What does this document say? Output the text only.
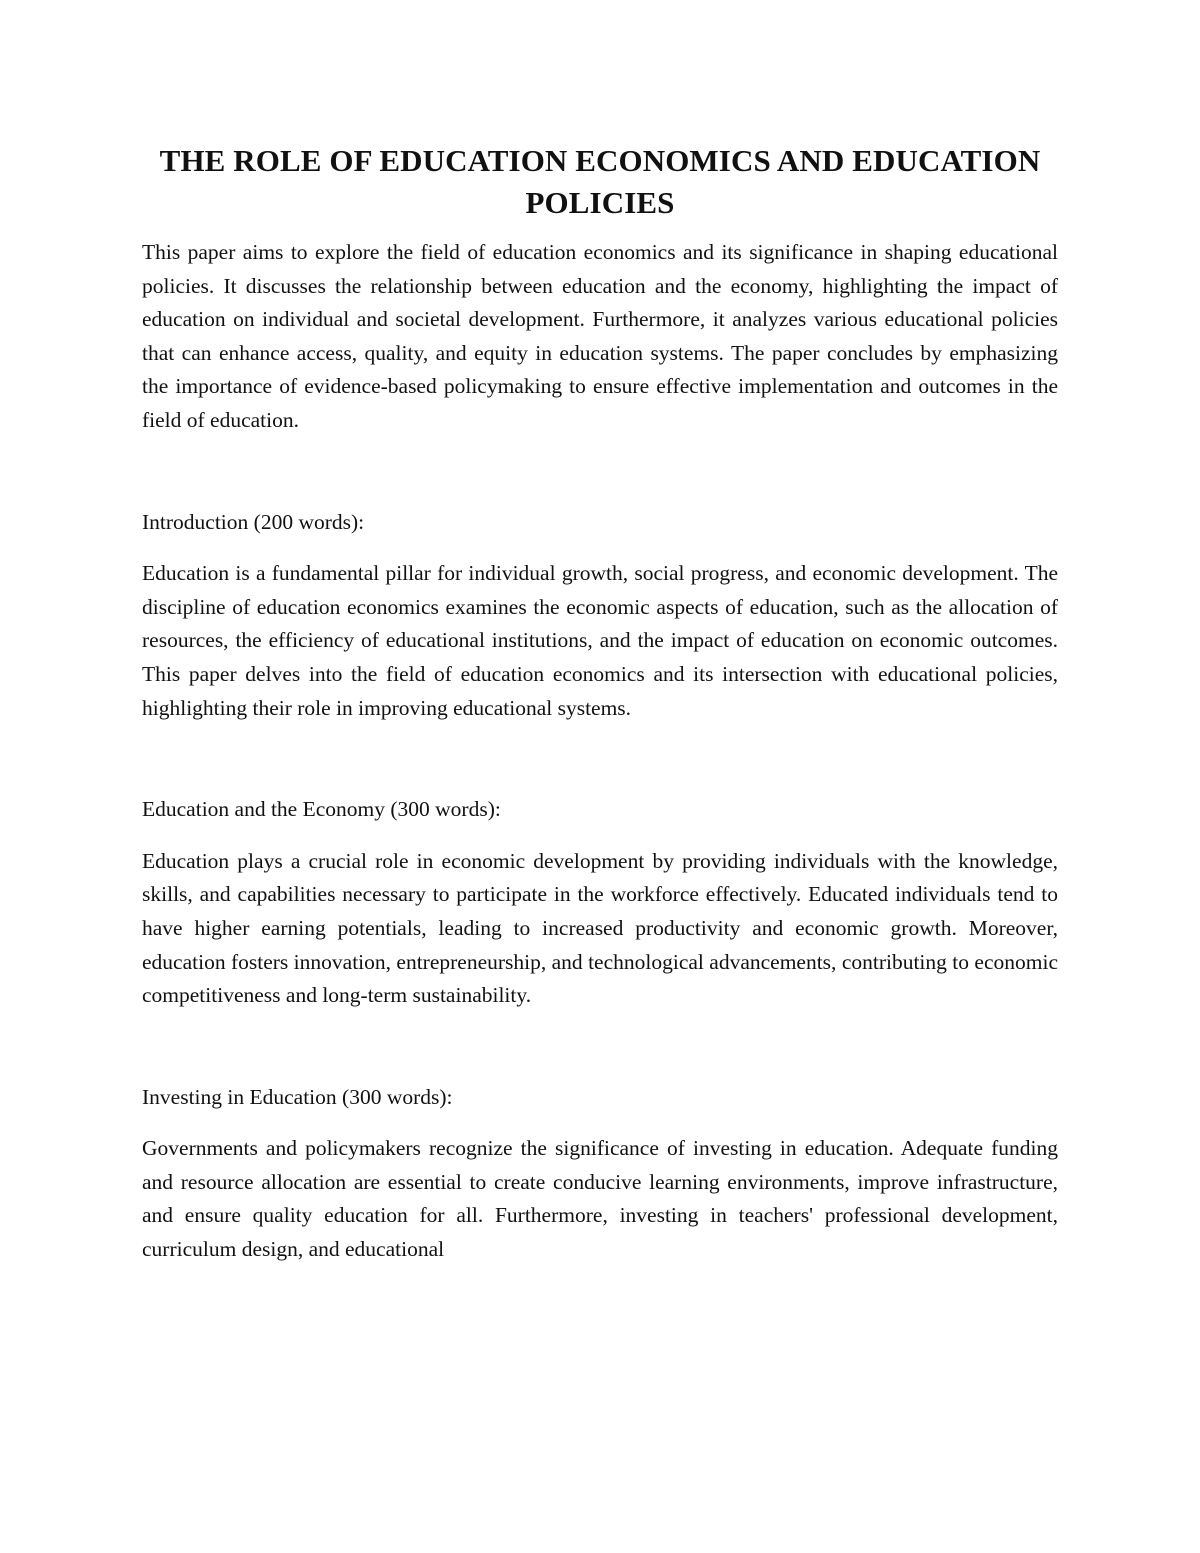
THE ROLE OF EDUCATION ECONOMICS AND EDUCATION POLICIES

This paper aims to explore the field of education economics and its significance in shaping educational policies. It discusses the relationship between education and the economy, highlighting the impact of education on individual and societal development. Furthermore, it analyzes various educational policies that can enhance access, quality, and equity in education systems. The paper concludes by emphasizing the importance of evidence-based policymaking to ensure effective implementation and outcomes in the field of education.

Introduction (200 words):

Education is a fundamental pillar for individual growth, social progress, and economic development. The discipline of education economics examines the economic aspects of education, such as the allocation of resources, the efficiency of educational institutions, and the impact of education on economic outcomes. This paper delves into the field of education economics and its intersection with educational policies, highlighting their role in improving educational systems.

Education and the Economy (300 words):

Education plays a crucial role in economic development by providing individuals with the knowledge, skills, and capabilities necessary to participate in the workforce effectively. Educated individuals tend to have higher earning potentials, leading to increased productivity and economic growth. Moreover, education fosters innovation, entrepreneurship, and technological advancements, contributing to economic competitiveness and long-term sustainability.

Investing in Education (300 words):

Governments and policymakers recognize the significance of investing in education. Adequate funding and resource allocation are essential to create conducive learning environments, improve infrastructure, and ensure quality education for all. Furthermore, investing in teachers' professional development, curriculum design, and educational
